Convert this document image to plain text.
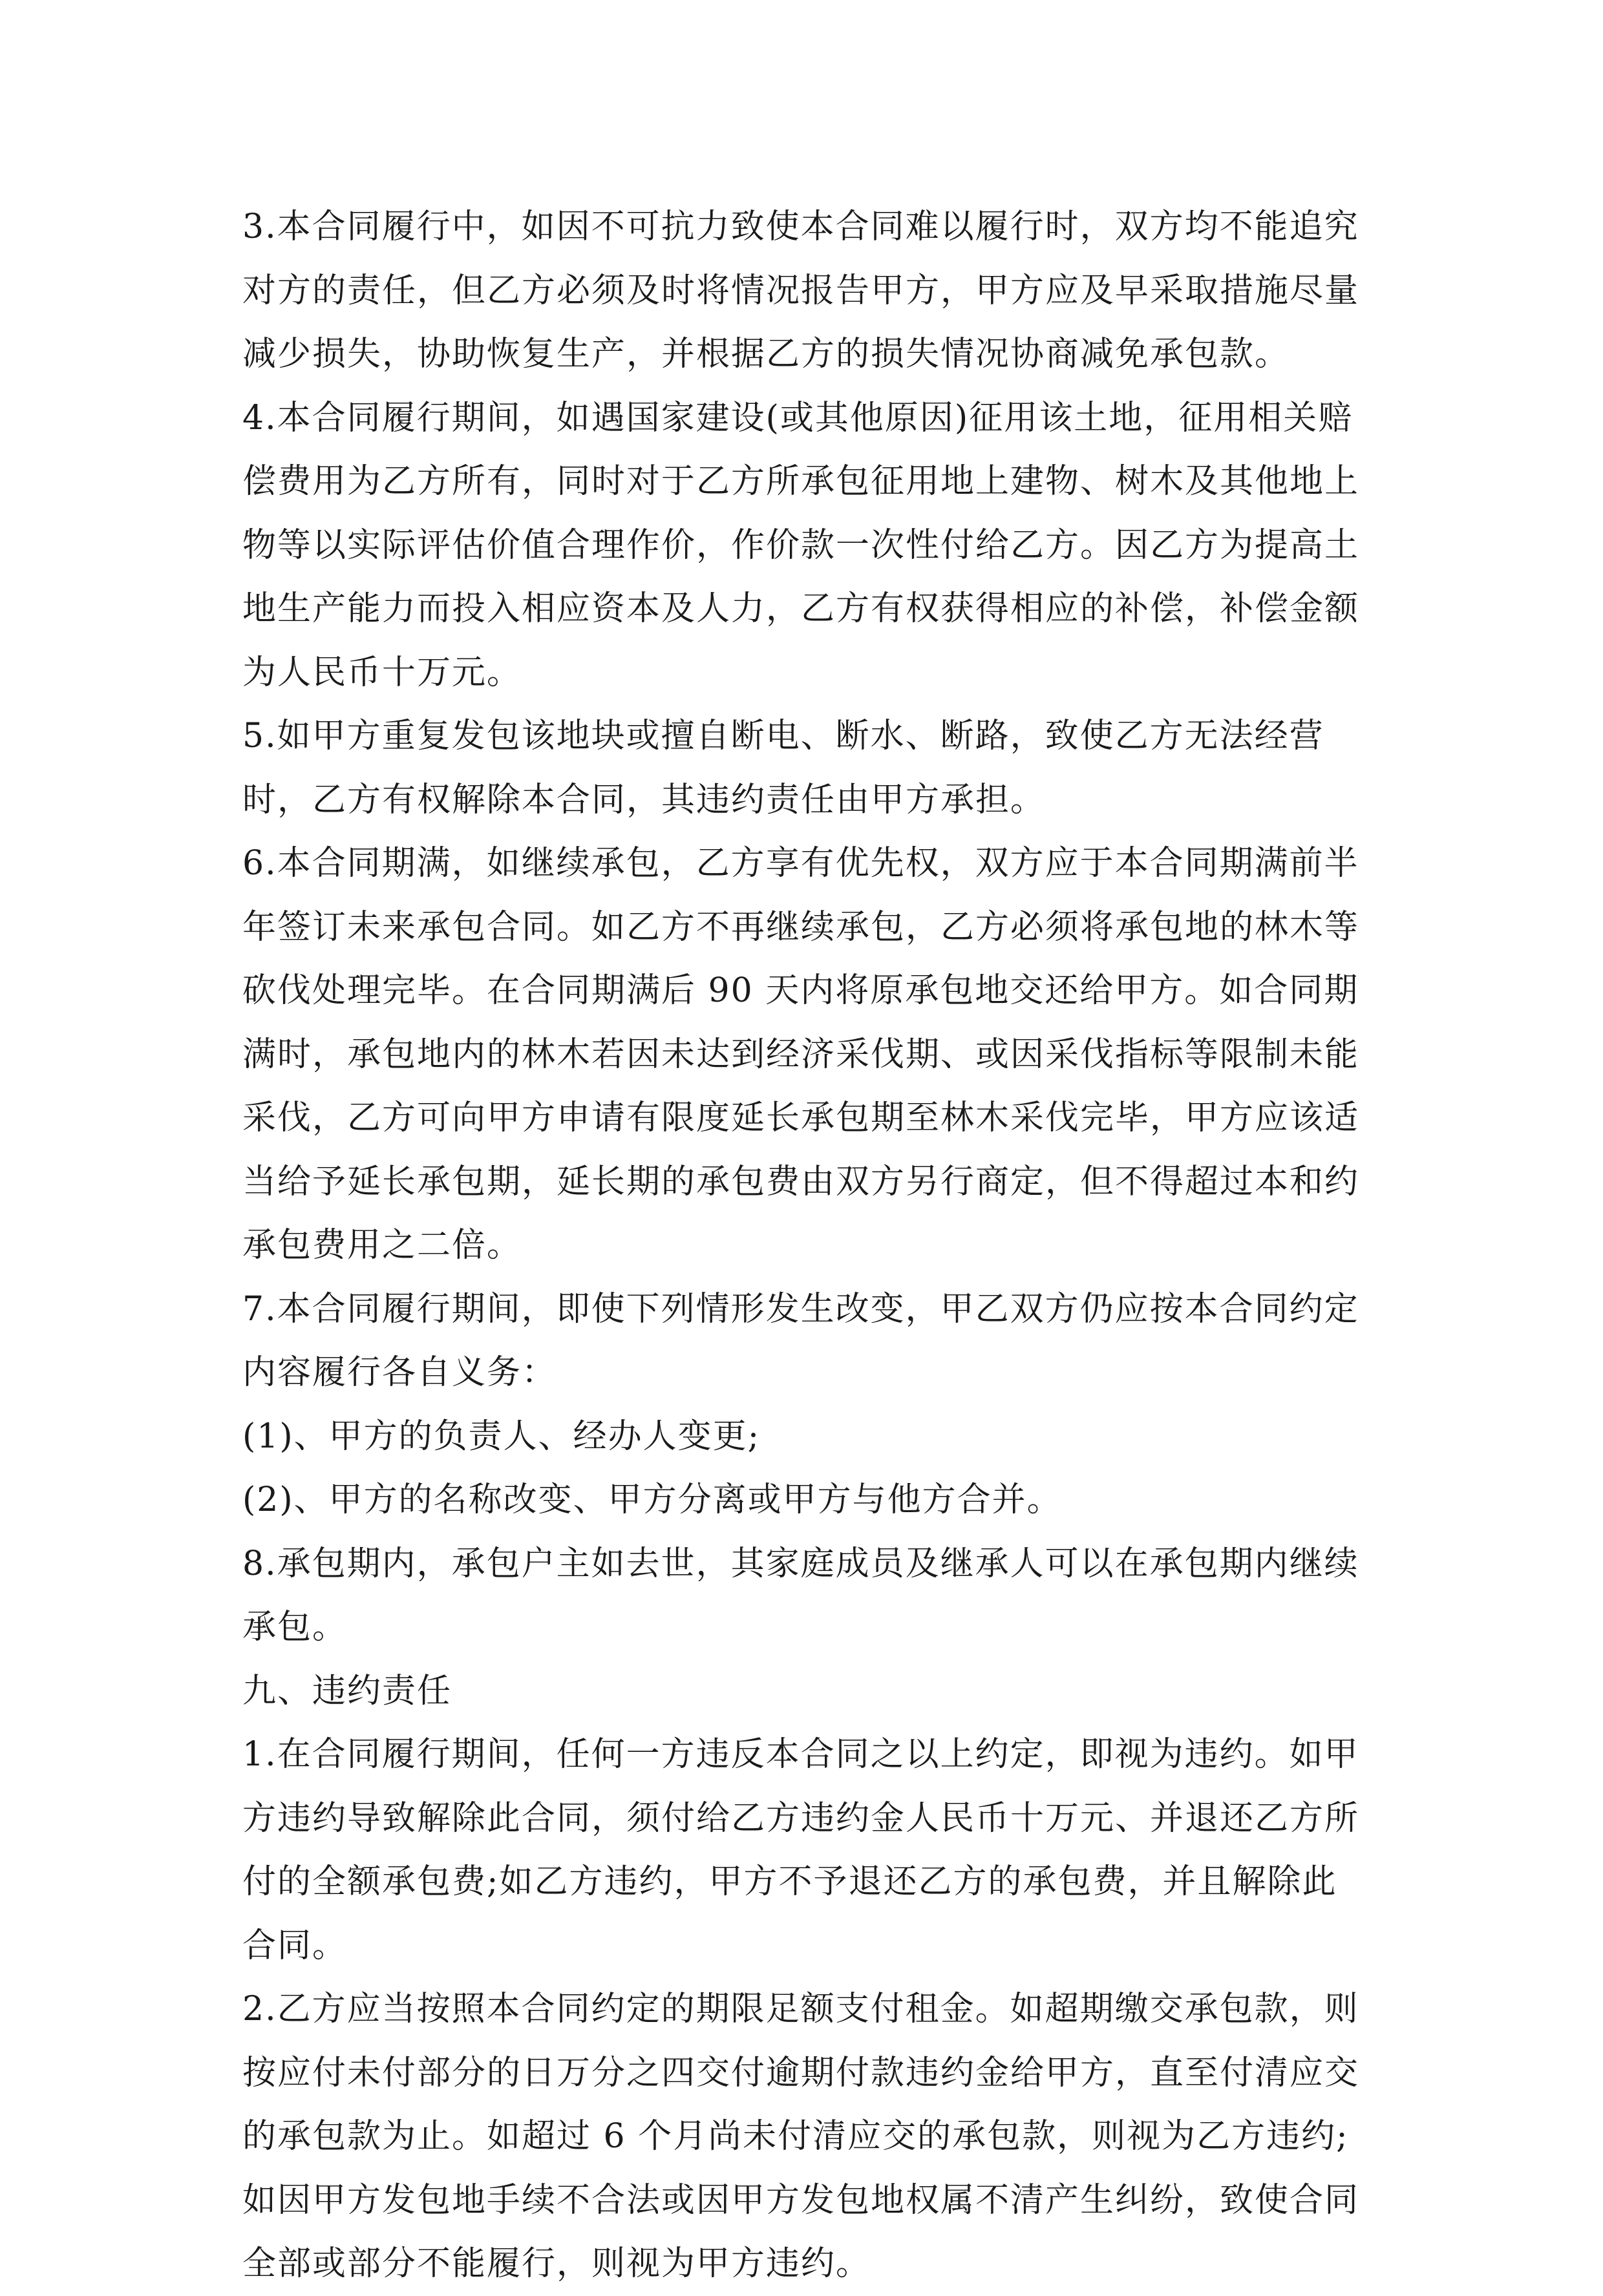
3.本合同履行中，如因不可抗力致使本合同难以履行时，双方均不能追究对方的责任，但乙方必须及时将情况报告甲方，甲方应及早采取措施尽量减少损失，协助恢复生产，并根据乙方的损失情况协商减免承包款。

4.本合同履行期间，如遇国家建设(或其他原因)征用该土地，征用相关赔偿费用为乙方所有，同时对于乙方所承包征用地上建物、树木及其他地上物等以实际评估价值合理作价，作价款一次性付给乙方。因乙方为提高土地生产能力而投入相应资本及人力，乙方有权获得相应的补偿，补偿金额为人民币十万元。

5.如甲方重复发包该地块或擅自断电、断水、断路，致使乙方无法经营时，乙方有权解除本合同，其违约责任由甲方承担。

6.本合同期满，如继续承包，乙方享有优先权，双方应于本合同期满前半年签订未来承包合同。如乙方不再继续承包，乙方必须将承包地的林木等砍伐处理完毕。在合同期满后 90 天内将原承包地交还给甲方。如合同期满时，承包地内的林木若因未达到经济采伐期、或因采伐指标等限制未能采伐，乙方可向甲方申请有限度延长承包期至林木采伐完毕，甲方应该适当给予延长承包期，延长期的承包费由双方另行商定，但不得超过本和约承包费用之二倍。

7.本合同履行期间，即使下列情形发生改变，甲乙双方仍应按本合同约定内容履行各自义务：

(1)、甲方的负责人、经办人变更;

(2)、甲方的名称改变、甲方分离或甲方与他方合并。

8.承包期内，承包户主如去世，其家庭成员及继承人可以在承包期内继续承包。

九、违约责任

1.在合同履行期间，任何一方违反本合同之以上约定，即视为违约。如甲方违约导致解除此合同，须付给乙方违约金人民币十万元、并退还乙方所付的全额承包费;如乙方违约，甲方不予退还乙方的承包费，并且解除此合同。

2.乙方应当按照本合同约定的期限足额支付租金。如超期缴交承包款，则按应付未付部分的日万分之四交付逾期付款违约金给甲方，直至付清应交的承包款为止。如超过 6 个月尚未付清应交的承包款，则视为乙方违约;如因甲方发包地手续不合法或因甲方发包地权属不清产生纠纷，致使合同全部或部分不能履行，则视为甲方违约。
